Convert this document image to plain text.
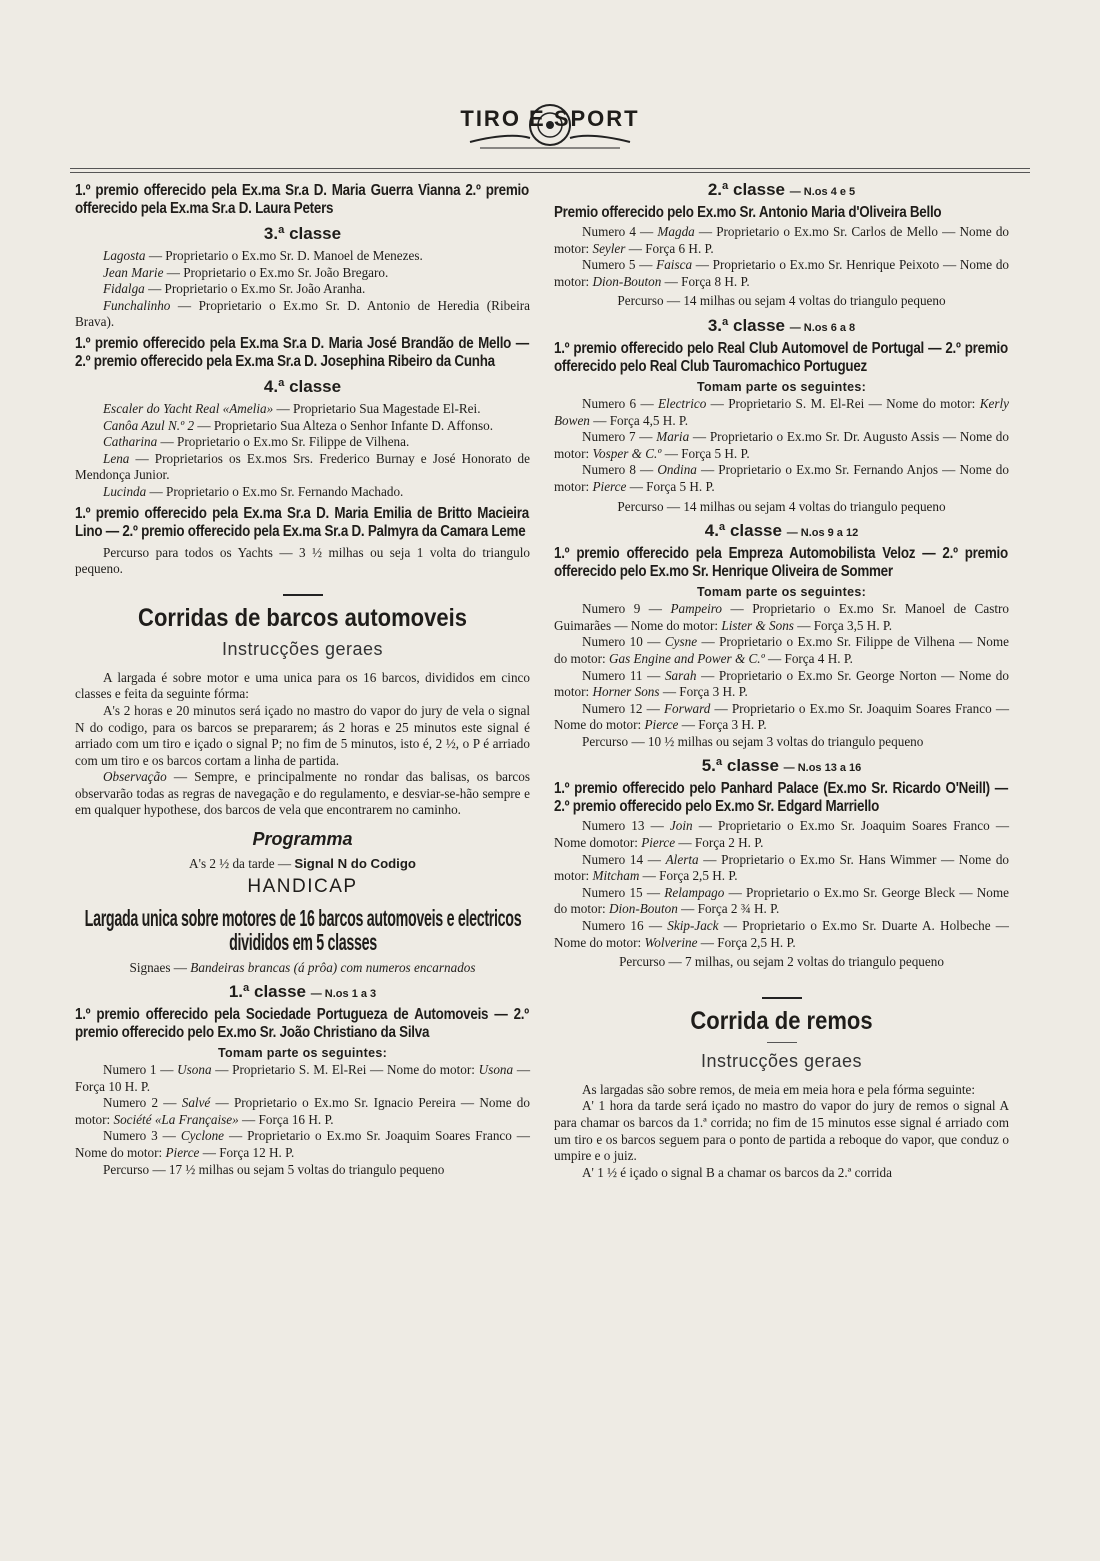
TIRO E SPORT
1.º premio offerecido pela Ex.ma Sr.a D. Maria Guerra Vianna 2.º premio offerecido pela Ex.ma Sr.a D. Laura Peters
3.ª classe

Lagosta — Proprietario o Ex.mo Sr. D. Manoel de Menezes.

Jean Marie — Proprietario o Ex.mo Sr. João Bregaro.

Fidalga — Proprietario o Ex.mo Sr. João Aranha.

Funchalinho — Proprietario o Ex.mo Sr. D. Antonio de Heredia (Ribeira Brava).

1.º premio offerecido pela Ex.ma Sr.a D. Maria José Brandão de Mello — 2.º premio offerecido pela Ex.ma Sr.a D. Josephina Ribeiro da Cunha
4.ª classe

Escaler do Yacht Real «Amelia» — Proprietario Sua Magestade El-Rei.

Canôa Azul N.º 2 — Proprietario Sua Alteza o Senhor Infante D. Affonso.

Catharina — Proprietario o Ex.mo Sr. Filippe de Vilhena.

Lena — Proprietarios os Ex.mos Srs. Frederico Burnay e José Honorato de Mendonça Junior.

Lucinda — Proprietario o Ex.mo Sr. Fernando Machado.

1.º premio offerecido pela Ex.ma Sr.a D. Maria Emilia de Britto Macieira Lino — 2.º premio offerecido pela Ex.ma Sr.a D. Palmyra da Camara Leme

Percurso para todos os Yachts — 3 ½ milhas ou seja 1 volta do triangulo pequeno.

Corridas de barcos automoveis
Instrucções geraes

A largada é sobre motor e uma unica para os 16 barcos, divididos em cinco classes e feita da seguinte fórma:

A's 2 horas e 20 minutos será içado no mastro do vapor do jury de vela o signal N do codigo, para os barcos se prepararem; ás 2 horas e 25 minutos este signal é arriado com um tiro e içado o signal P; no fim de 5 minutos, isto é, 2 ½, o P é arriado com um tiro e os barcos cortam a linha de partida.

Observação — Sempre, e principalmente no rondar das balisas, os barcos observarão todas as regras de navegação e do regulamento, e desviar-se-hão sempre e em qualquer hypothese, dos barcos de vela que encontrarem no caminho.

Programma
A's 2 ½ da tarde — Signal N do Codigo
HANDICAP
Largada unica sobre motores de 16 barcos automoveis e electricos divididos em 5 classes
Signaes — Bandeiras brancas (á prôa) com numeros encarnados
1.ª classe — N.os 1 a 3
1.º premio offerecido pela Sociedade Portugueza de Automoveis — 2.º premio offerecido pelo Ex.mo Sr. João Christiano da Silva
Tomam parte os seguintes:

Numero 1 — Usona — Proprietario S. M. El-Rei — Nome do motor: Usona — Força 10 H. P.

Numero 2 — Salvé — Proprietario o Ex.mo Sr. Ignacio Pereira — Nome do motor: Société «La Française» — Força 16 H. P.

Numero 3 — Cyclone — Proprietario o Ex.mo Sr. Joaquim Soares Franco — Nome do motor: Pierce — Força 12 H. P.

Percurso — 17 ½ milhas ou sejam 5 voltas do triangulo pequeno

2.ª classe — N.os 4 e 5
Premio offerecido pelo Ex.mo Sr. Antonio Maria d'Oliveira Bello

Numero 4 — Magda — Proprietario o Ex.mo Sr. Carlos de Mello — Nome do motor: Seyler — Força 6 H. P.

Numero 5 — Faisca — Proprietario o Ex.mo Sr. Henrique Peixoto — Nome do motor: Dion-Bouton — Força 8 H. P.

Percurso — 14 milhas ou sejam 4 voltas do triangulo pequeno

3.ª classe — N.os 6 a 8
1.º premio offerecido pelo Real Club Automovel de Portugal — 2.º premio offerecido pelo Real Club Tauromachico Portuguez
Tomam parte os seguintes:

Numero 6 — Electrico — Proprietario S. M. El-Rei — Nome do motor: Kerly Bowen — Força 4,5 H. P.

Numero 7 — Maria — Proprietario o Ex.mo Sr. Dr. Augusto Assis — Nome do motor: Vosper & C.º — Força 5 H. P.

Numero 8 — Ondina — Proprietario o Ex.mo Sr. Fernando Anjos — Nome do motor: Pierce — Força 5 H. P.

Percurso — 14 milhas ou sejam 4 voltas do triangulo pequeno

4.ª classe — N.os 9 a 12
1.º premio offerecido pela Empreza Automobilista Veloz — 2.º premio offerecido pelo Ex.mo Sr. Henrique Oliveira de Sommer
Tomam parte os seguintes:

Numero 9 — Pampeiro — Proprietario o Ex.mo Sr. Manoel de Castro Guimarães — Nome do motor: Lister & Sons — Força 3,5 H. P.

Numero 10 — Cysne — Proprietario o Ex.mo Sr. Filippe de Vilhena — Nome do motor: Gas Engine and Power & C.º — Força 4 H. P.

Numero 11 — Sarah — Proprietario o Ex.mo Sr. George Norton — Nome do motor: Horner Sons — Força 3 H. P.

Numero 12 — Forward — Proprietario o Ex.mo Sr. Joaquim Soares Franco — Nome do motor: Pierce — Força 3 H. P.

Percurso — 10 ½ milhas ou sejam 3 voltas do triangulo pequeno

5.ª classe — N.os 13 a 16
1.º premio offerecido pelo Panhard Palace (Ex.mo Sr. Ricardo O'Neill) — 2.º premio offerecido pelo Ex.mo Sr. Edgard Marriello

Numero 13 — Join — Proprietario o Ex.mo Sr. Joaquim Soares Franco — Nome domotor: Pierce — Força 2 H. P.

Numero 14 — Alerta — Proprietario o Ex.mo Sr. Hans Wimmer — Nome do motor: Mitcham — Força 2,5 H. P.

Numero 15 — Relampago — Proprietario o Ex.mo Sr. George Bleck — Nome do motor: Dion-Bouton — Força 2 ¾ H. P.

Numero 16 — Skip-Jack — Proprietario o Ex.mo Sr. Duarte A. Holbeche — Nome do motor: Wolverine — Força 2,5 H. P.

Percurso — 7 milhas, ou sejam 2 voltas do triangulo pequeno

Corrida de remos
Instrucções geraes

As largadas são sobre remos, de meia em meia hora e pela fórma seguinte:

A' 1 hora da tarde será içado no mastro do vapor do jury de remos o signal A para chamar os barcos da 1.ª corrida; no fim de 15 minutos esse signal é arriado com um tiro e os barcos seguem para o ponto de partida a reboque do vapor, que conduz o umpire e o juiz.

A' 1 ½ é içado o signal B a chamar os barcos da 2.ª corrida
